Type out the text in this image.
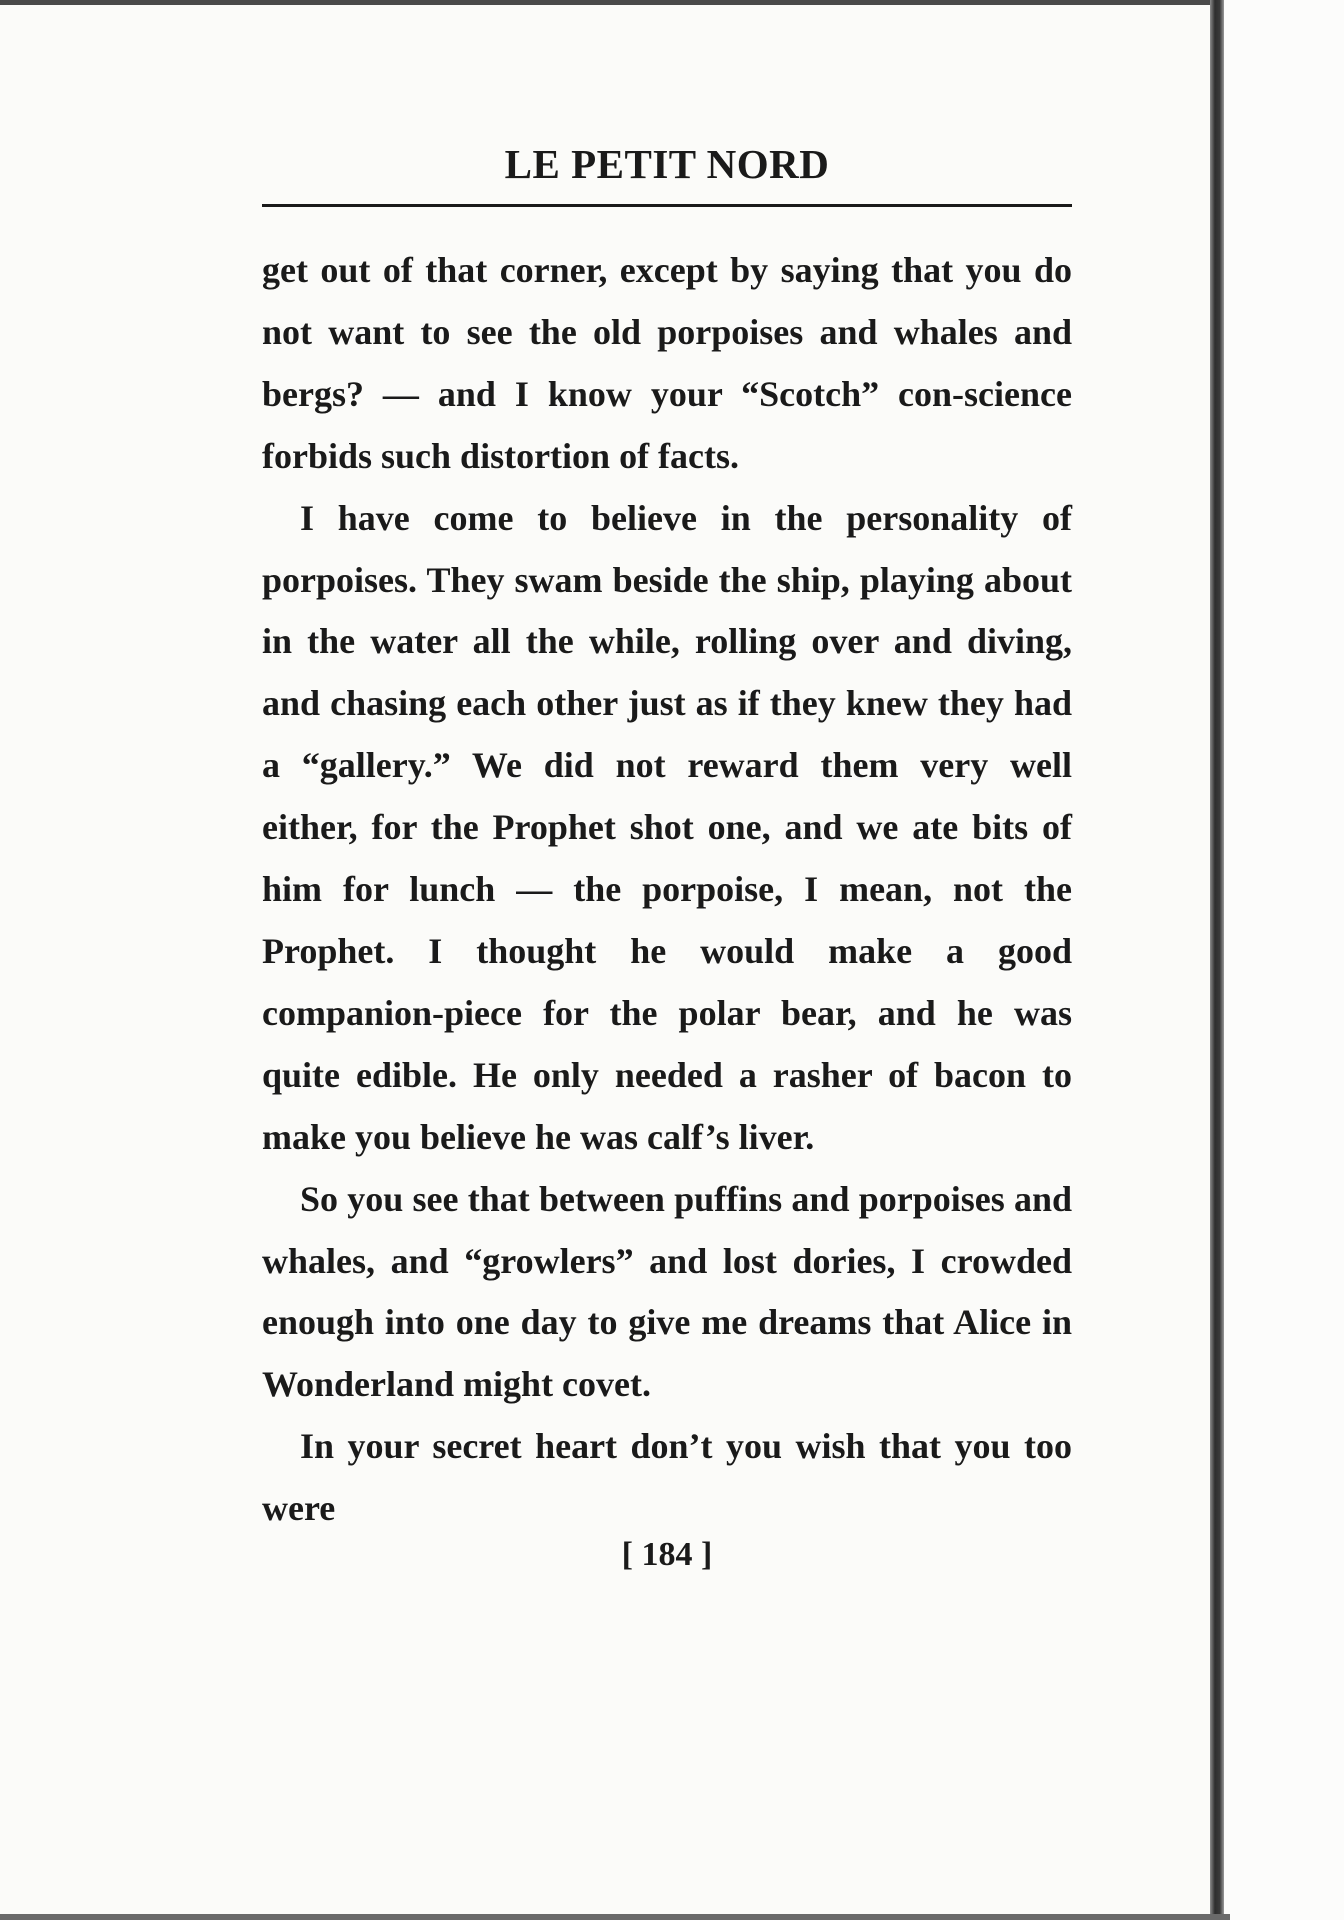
LE PETIT NORD

get out of that corner, except by saying that you do not want to see the old porpoises and whales and bergs? — and I know your “Scotch” con-science forbids such distortion of facts.

I have come to believe in the personality of porpoises. They swam beside the ship, playing about in the water all the while, rolling over and diving, and chasing each other just as if they knew they had a “gallery.” We did not reward them very well either, for the Prophet shot one, and we ate bits of him for lunch — the porpoise, I mean, not the Prophet. I thought he would make a good companion-piece for the polar bear, and he was quite edible. He only needed a rasher of bacon to make you believe he was calf’s liver.

So you see that between puffins and porpoises and whales, and “growlers” and lost dories, I crowded enough into one day to give me dreams that Alice in Wonderland might covet.

In your secret heart don’t you wish that you too were

[ 184 ]
